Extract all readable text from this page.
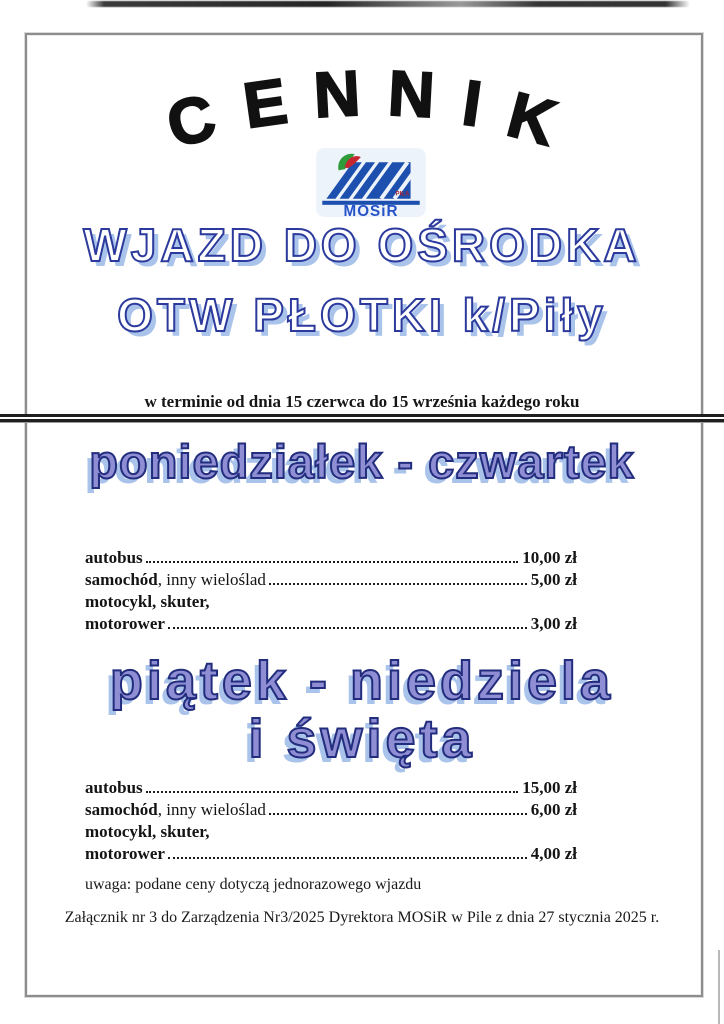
C E N N I K
PIŁA
MOSiR
WJAZD DO OŚRODKA
OTW PŁOTKI k/Piły
w terminie od dnia 15 czerwca do 15 września każdego roku
poniedziałek - czwartek
autobus	10,00 zł
samochód , inny wieloślad	5,00 zł
motocykl, skuter,
motorower	3,00 zł
piątek - niedziela
i święta
autobus	15,00 zł
samochód , inny wieloślad	6,00 zł
motocykl, skuter,
motorower	4,00 zł
uwaga: podane ceny dotyczą jednorazowego wjazdu
Załącznik nr 3 do Zarządzenia Nr3/2025 Dyrektora MOSiR w Pile z dnia 27 stycznia 2025 r.
